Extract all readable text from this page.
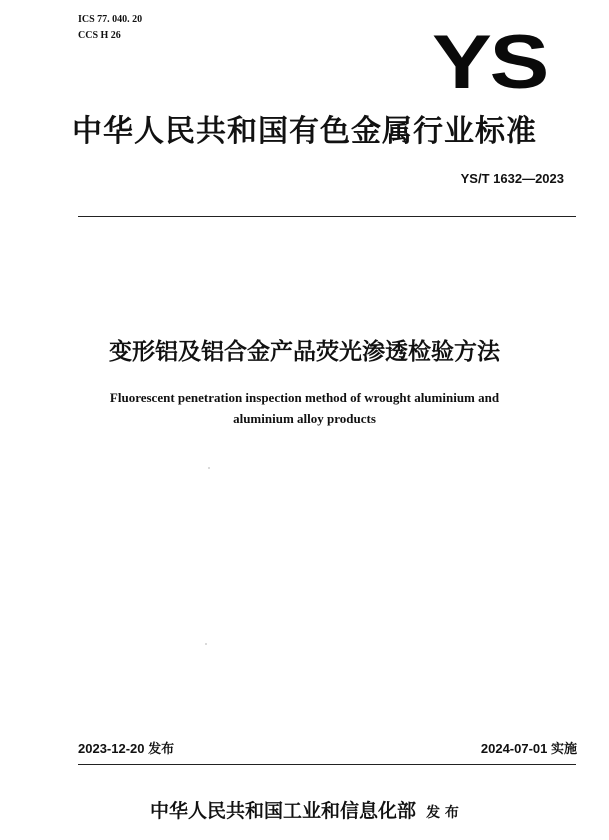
ICS 77. 040. 20
CCS H 26	YS
中华人民共和国有色金属行业标准
YS/T 1632—2023
变形铝及铝合金产品荧光渗透检验方法
Fluorescent penetration inspection method of wrought aluminium and
aluminium alloy products
2023-12-20 发布	2024-07-01 实施
中华人民共和国工业和信息化部 发 布
